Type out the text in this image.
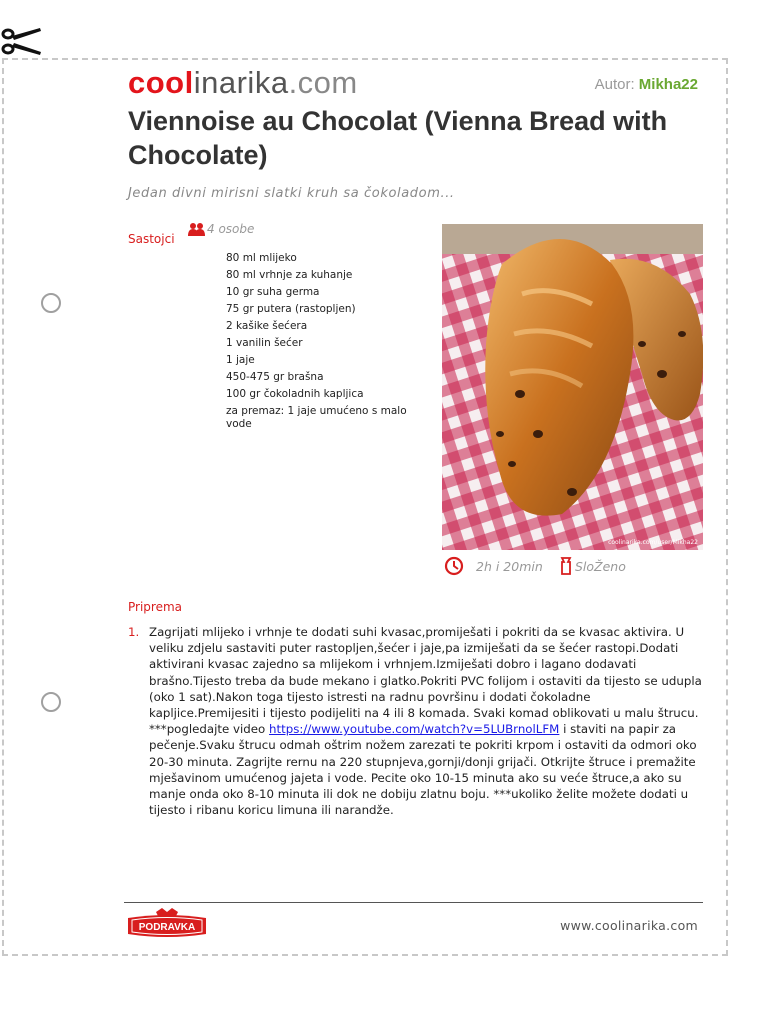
coolinarika.com	Autor: Mikha22
Viennoise au Chocolat (Vienna Bread with Chocolate)
Jedan divni mirisni slatki kruh sa čokoladom...
Sastojci
4 osobe
80 ml mlijeko
80 ml vrhnje za kuhanje
10 gr suha germa
75 gr putera (rastopljen)
2 kašike šećera
1 vanilin šećer
1 jaje
450-475 gr brašna
100 gr čokoladnih kapljica
za premaz: 1 jaje umućeno s malo vode
coolinarika.com/user/Mikha22
2h i 20min	SloŽeno
Priprema
1. Zagrijati mlijeko i vrhnje te dodati suhi kvasac,promiješati i pokriti da se kvasac aktivira. U veliku zdjelu sastaviti puter rastopljen,šećer i jaje,pa izmiješati da se šećer rastopi.Dodati aktivirani kvasac zajedno sa mlijekom i vrhnjem.Izmiješati dobro i lagano dodavati brašno.Tijesto treba da bude mekano i glatko.Pokriti PVC folijom i ostaviti da tijesto se udupla (oko 1 sat).Nakon toga tijesto istresti na radnu površinu i dodati čokoladne kapljice.Premijesiti i tijesto podijeliti na 4 ili 8 komada. Svaki komad oblikovati u malu štrucu. ***pogledajte video https://www.youtube.com/watch?v=5LUBrnolLFM i staviti na papir za pečenje.Svaku štrucu odmah oštrim nožem zarezati te pokriti krpom i ostaviti da odmori oko 20-30 minuta. Zagrijte rernu na 220 stupnjeva,gornji/donji grijači. Otkrijte štruce i premažite mješavinom umućenog jajeta i vode. Pecite oko 10-15 minuta ako su veće štruce,a ako su manje onda oko 8-10 minuta ili dok ne dobiju zlatnu boju. ***ukoliko želite možete dodati u tijesto i ribanu koricu limuna ili narandže.
PODRAVKA	www.coolinarika.com
